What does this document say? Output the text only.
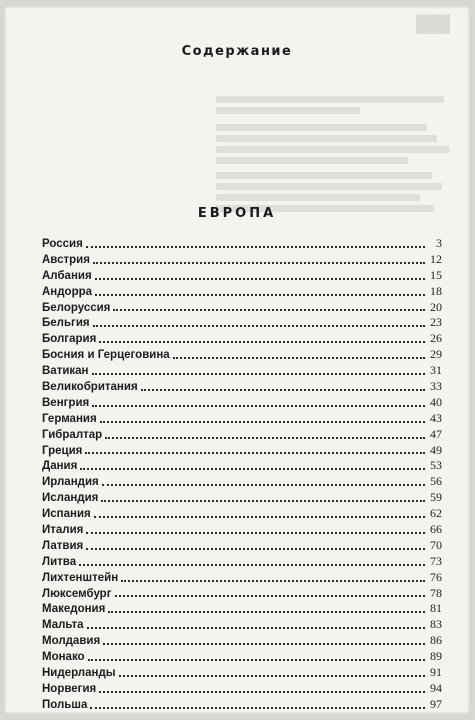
███
Содержание
ЕВРОПА
Россия	3
Австрия	12
Албания	15
Андорра	18
Белоруссия	20
Бельгия	23
Болгария	26
Босния и Герцеговина	29
Ватикан	31
Великобритания	33
Венгрия	40
Германия	43
Гибралтар	47
Греция	49
Дания	53
Ирландия	56
Исландия	59
Испания	62
Италия	66
Латвия	70
Литва	73
Лихтенштейн	76
Люксембург	78
Македония	81
Мальта	83
Молдавия	86
Монако	89
Нидерланды	91
Норвегия	94
Польша	97
